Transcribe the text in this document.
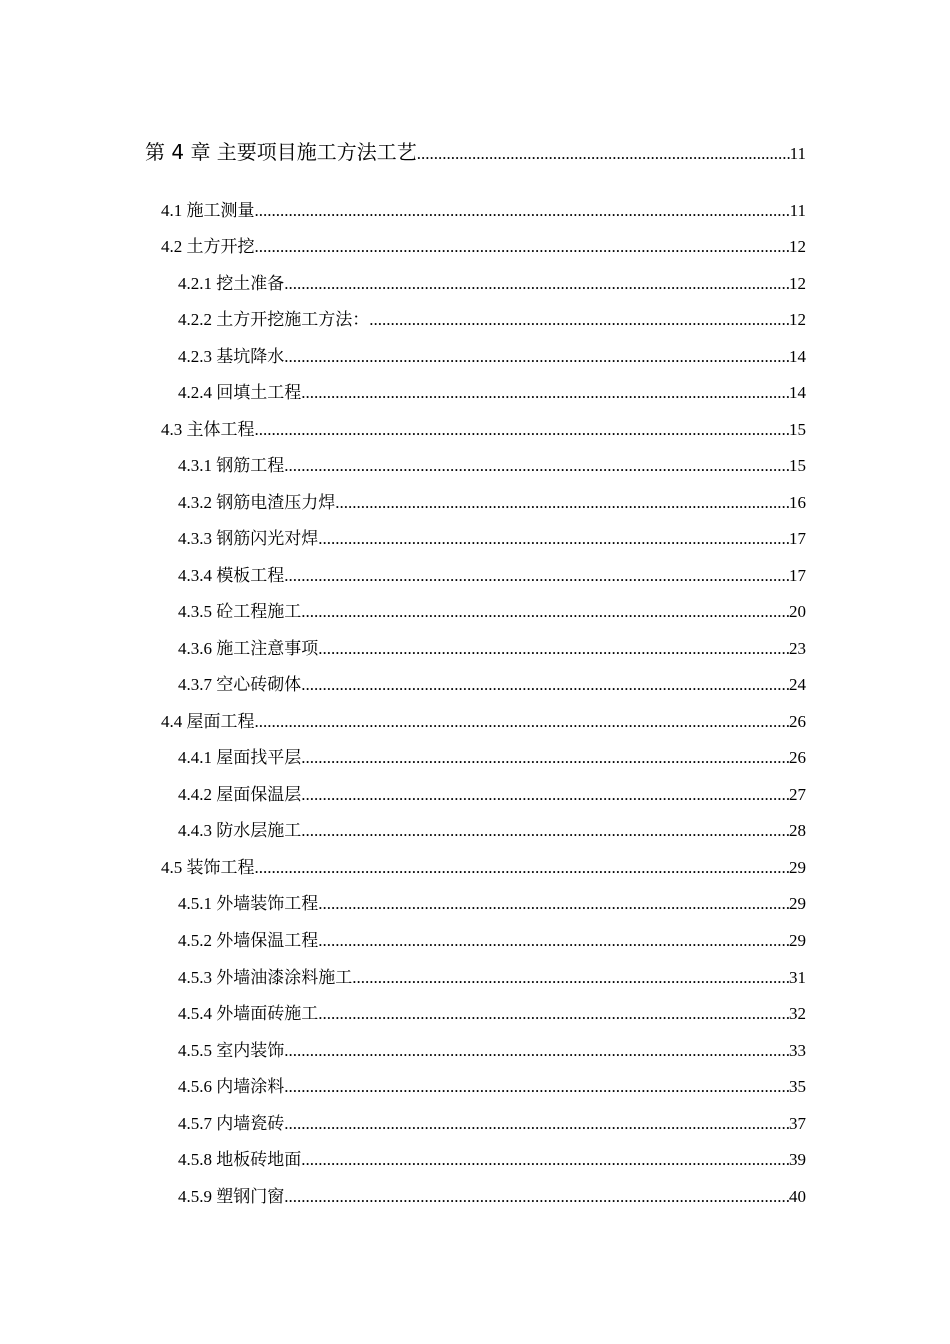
第 4 章 主要项目施工方法工艺 .....	11
4.1 施工测量 .....	11
4.2 土方开挖 .....	12
4.2.1 挖土准备 .....	12
4.2.2 土方开挖施工方法： .....	12
4.2.3 基坑降水 .....	14
4.2.4 回填土工程 .....	14
4.3 主体工程 .....	15
4.3.1 钢筋工程 .....	15
4.3.2 钢筋电渣压力焊 .....	16
4.3.3 钢筋闪光对焊 .....	17
4.3.4 模板工程 .....	17
4.3.5 砼工程施工 .....	20
4.3.6 施工注意事项 .....	23
4.3.7 空心砖砌体 .....	24
4.4 屋面工程 .....	26
4.4.1 屋面找平层 .....	26
4.4.2 屋面保温层 .....	27
4.4.3 防水层施工 .....	28
4.5 装饰工程 .....	29
4.5.1 外墙装饰工程 .....	29
4.5.2 外墙保温工程 .....	29
4.5.3 外墙油漆涂料施工 .....	31
4.5.4 外墙面砖施工 .....	32
4.5.5 室内装饰 .....	33
4.5.6 内墙涂料 .....	35
4.5.7 内墙瓷砖 .....	37
4.5.8 地板砖地面 .....	39
4.5.9 塑钢门窗 .....	40
